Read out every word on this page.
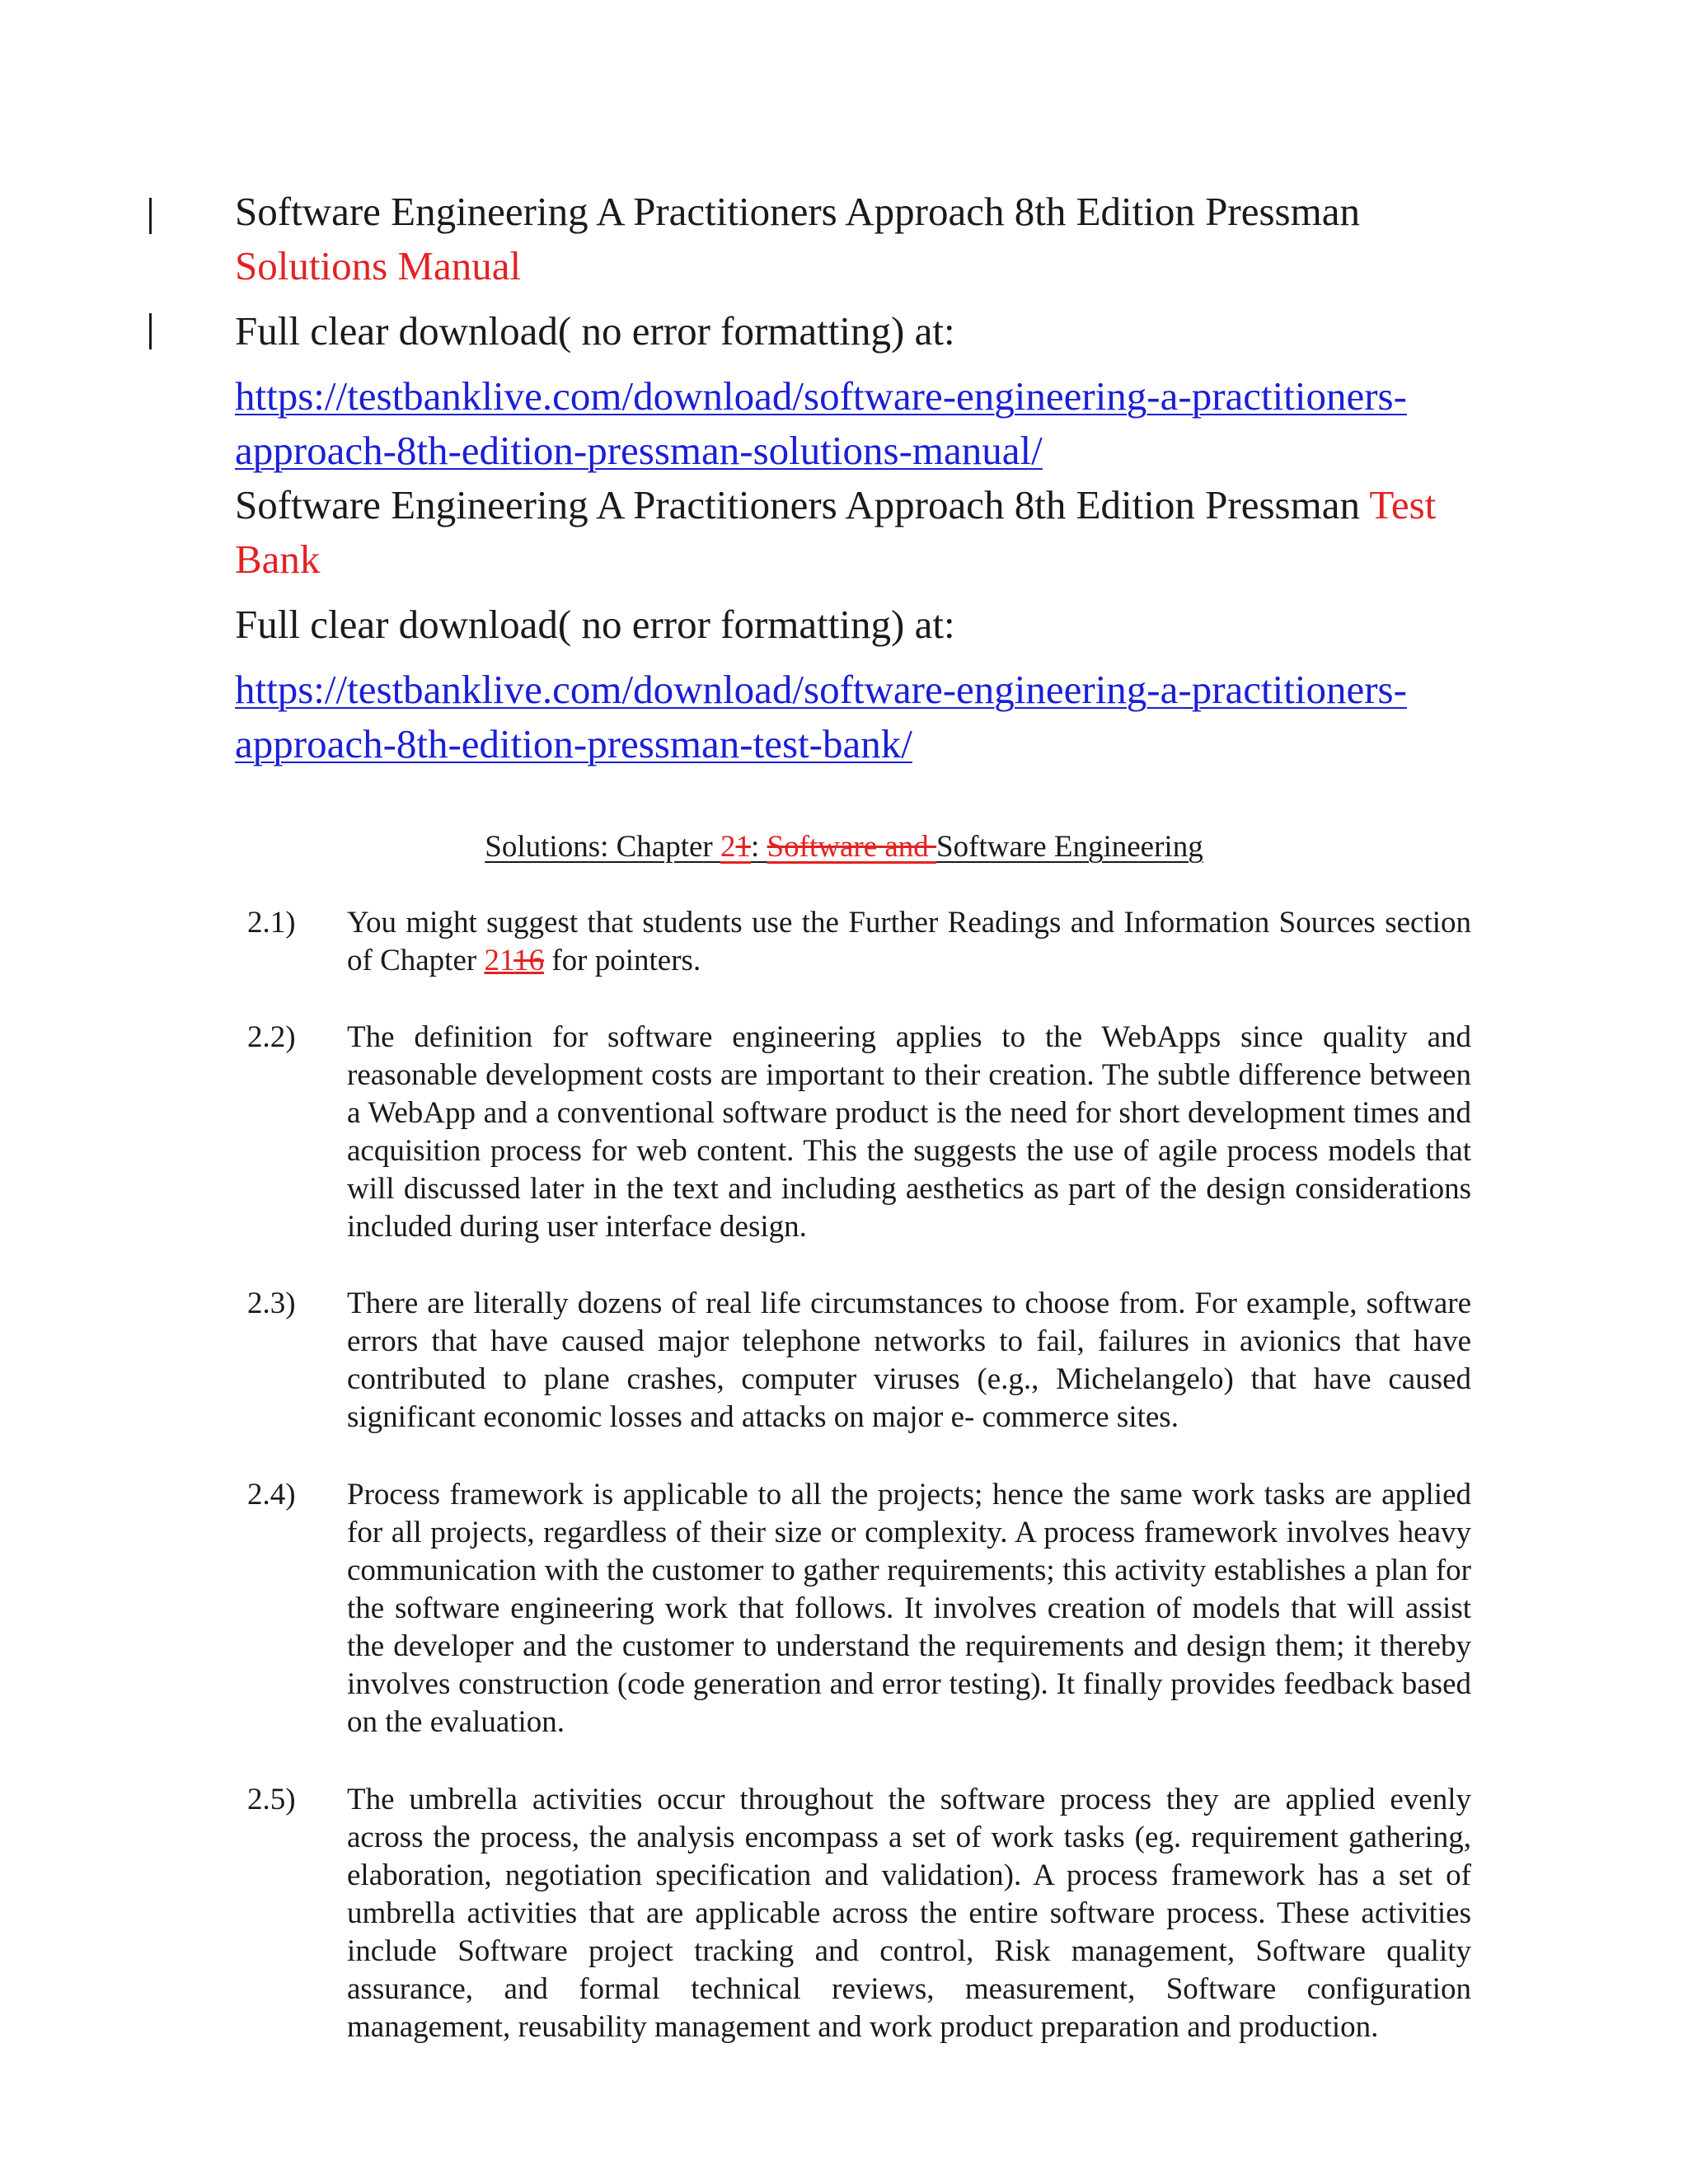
Software Engineering A Practitioners Approach 8th Edition Pressman
Solutions Manual
Full clear download( no error formatting) at:
https://testbanklive.com/download/software-engineering-a-practitioners-
approach-8th-edition-pressman-solutions-manual/
Software Engineering A Practitioners Approach 8th Edition Pressman Test
Bank
Full clear download( no error formatting) at:
https://testbanklive.com/download/software-engineering-a-practitioners-
approach-8th-edition-pressman-test-bank/
Solutions: Chapter 21: Software and Software Engineering
2.1) You might suggest that students use the Further Readings and Information Sources section of Chapter 2116 for pointers.
2.2) The definition for software engineering applies to the WebApps since quality and reasonable development costs are important to their creation. The subtle difference between a WebApp and a conventional software product is the need for short development times and acquisition process for web content. This the suggests the use of agile process models that will discussed later in the text and including aesthetics as part of the design considerations included during user interface design.
2.3) There are literally dozens of real life circumstances to choose from. For example, software errors that have caused major telephone networks to fail, failures in avionics that have contributed to plane crashes, computer viruses (e.g., Michelangelo) that have caused significant economic losses and attacks on major e- commerce sites.
2.4) Process framework is applicable to all the projects; hence the same work tasks are applied for all projects, regardless of their size or complexity. A process framework involves heavy communication with the customer to gather requirements; this activity establishes a plan for the software engineering work that follows. It involves creation of models that will assist the developer and the customer to understand the requirements and design them; it thereby involves construction (code generation and error testing). It finally provides feedback based on the evaluation.
2.5) The umbrella activities occur throughout the software process they are applied evenly across the process, the analysis encompass a set of work tasks (eg. requirement gathering, elaboration, negotiation specification and validation). A process framework has a set of umbrella activities that are applicable across the entire software process. These activities include Software project tracking and control, Risk management, Software quality assurance, and formal technical reviews, measurement, Software configuration management, reusability management and work product preparation and production.
